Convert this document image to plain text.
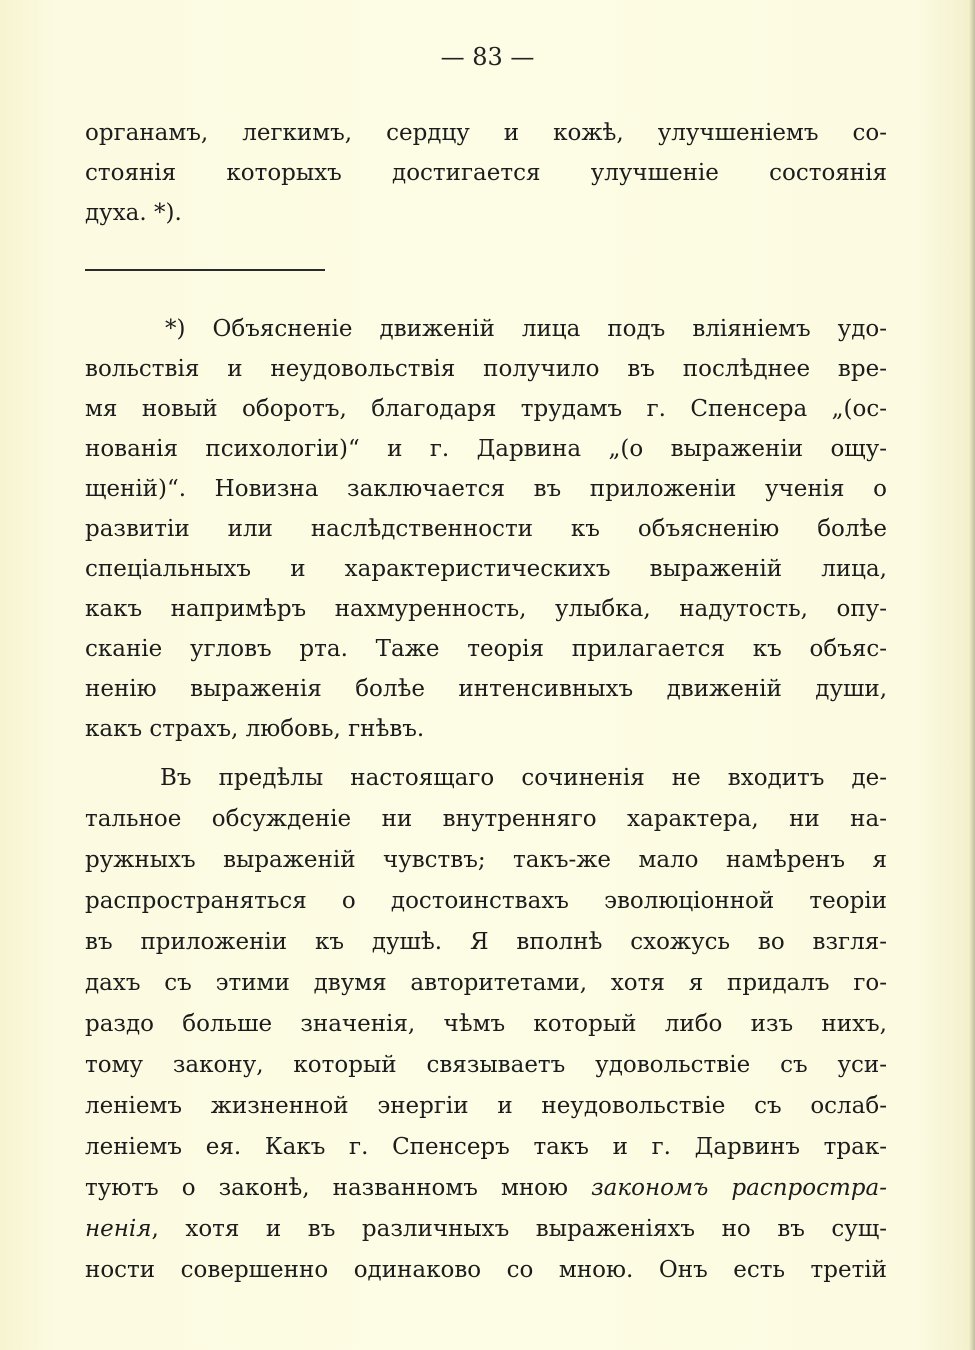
— 83 —
органамъ, легкимъ, сердцу и кожѣ, улучшеніемъ со-
стоянія которыхъ достигается улучшеніе состоянія
духа. *).
*) Объясненіе движеній лица подъ вліяніемъ удо-
вольствія и неудовольствія получило въ послѣднее вре-
мя новый оборотъ, благодаря трудамъ г. Спенсера „(ос-
нованія психологіи)“ и г. Дарвина „(о выраженіи ощу-
щеній)“. Новизна заключается въ приложеніи ученія о
развитіи или наслѣдственности къ объясненію болѣе
спеціальныхъ и характеристическихъ выраженій лица,
какъ напримѣръ нахмуренность, улыбка, надутость, опу-
сканіе угловъ рта. Таже теорія прилагается къ объяс-
ненію выраженія болѣе интенсивныхъ движеній души,
какъ страхъ, любовь, гнѣвъ.
Въ предѣлы настоящаго сочиненія не входитъ де-
тальное обсужденіе ни внутренняго характера, ни на-
ружныхъ выраженій чувствъ; такъ-же мало намѣренъ я
распространяться о достоинствахъ эволюціонной теоріи
въ приложеніи къ душѣ. Я вполнѣ схожусь во взгля-
дахъ съ этими двумя авторитетами, хотя я придалъ го-
раздо больше значенія, чѣмъ который либо изъ нихъ,
тому закону, который связываетъ удовольствіе съ уси-
леніемъ жизненной энергіи и неудовольствіе съ ослаб-
леніемъ ея. Какъ г. Спенсеръ такъ и г. Дарвинъ трак-
туютъ о законѣ, названномъ мною закономъ распростра-
ненія, хотя и въ различныхъ выраженіяхъ но въ сущ-
ности совершенно одинаково со мною. Онъ есть третій
